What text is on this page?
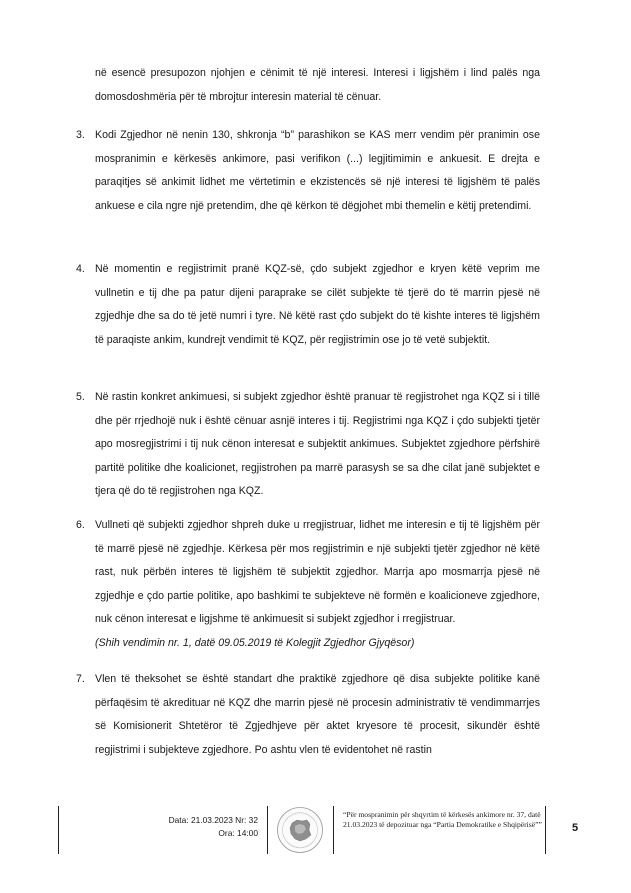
në esencë presupozon njohjen e cënimit të një interesi. Interesi i ligjshëm i lind palës nga domosdoshmëria për të mbrojtur interesin material të cënuar.

3. Kodi Zgjedhor në nenin 130, shkronja “b” parashikon se KAS merr vendim për pranimin ose mospranimin e kërkesës ankimore, pasi verifikon (...) legjitimimin e ankuesit. E drejta e paraqitjes së ankimit lidhet me vërtetimin e ekzistencës së një interesi të ligjshëm të palës ankuese e cila ngre një pretendim, dhe që kërkon të dëgjohet mbi themelin e këtij pretendimi.

4. Në momentin e regjistrimit pranë KQZ-së, çdo subjekt zgjedhor e kryen këtë veprim me vullnetin e tij dhe pa patur dijeni paraprake se cilët subjekte të tjerë do të marrin pjesë në zgjedhje dhe sa do të jetë numri i tyre. Në këtë rast çdo subjekt do të kishte interes të ligjshëm të paraqiste ankim, kundrejt vendimit të KQZ, për regjistrimin ose jo të vetë subjektit.

5. Në rastin konkret ankimuesi, si subjekt zgjedhor është pranuar të regjistrohet nga KQZ si i tillë dhe për rrjedhojë nuk i është cënuar asnjë interes i tij. Regjistrimi nga KQZ i çdo subjekti tjetër apo mosregjistrimi i tij nuk cënon interesat e subjektit ankimues. Subjektet zgjedhore përfshirë partitë politike dhe koalicionet, regjistrohen pa marrë parasysh se sa dhe cilat janë subjektet e tjera që do të regjistrohen nga KQZ.

6. Vullneti që subjekti zgjedhor shpreh duke u rregjistruar, lidhet me interesin e tij të ligjshëm për të marrë pjesë në zgjedhje. Kërkesa për mos regjistrimin e një subjekti tjetër zgjedhor në këtë rast, nuk përbën interes të ligjshëm të subjektit zgjedhor. Marrja apo mosmarrja pjesë në zgjedhje e çdo partie politike, apo bashkimi te subjekteve në formën e koalicioneve zgjedhore, nuk cënon interesat e ligjshme të ankimuesit si subjekt zgjedhor i rregjistruar.
(Shih vendimin nr. 1, datë 09.05.2019 të Kolegjit Zgjedhor Gjyqësor)

7. Vlen të theksohet se është standart dhe praktikë zgjedhore që disa subjekte politike kanë përfaqësim të akredituar në KQZ dhe marrin pjesë në procesin administrativ të vendimmarrjes së Komisionerit Shtetëror të Zgjedhjeve për aktet kryesore të procesit, sikundër është regjistrimi i subjekteve zgjedhore. Po ashtu vlen të evidentohet në rastin

Data: 21.03.2023 Nr: 32
Ora: 14:00
“Për mospranimin për shqyrtim të kërkesës ankimore nr. 37, datë 21.03.2023 të depozituar nga “Partia Demokratike e Shqipërisë””	5
